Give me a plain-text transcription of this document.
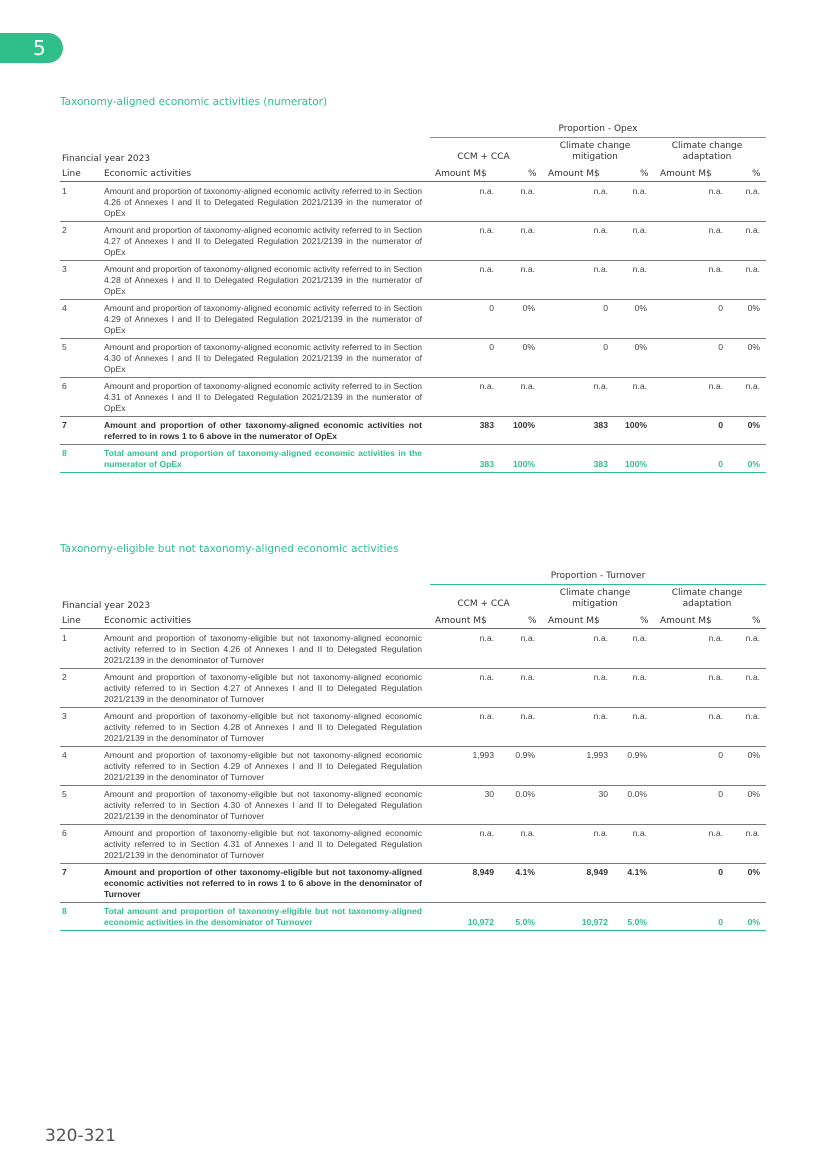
5
Taxonomy-aligned economic activities (numerator)
Proportion - Opex
CCM + CCA
Climate change mitigation
Climate change adaptation
Financial year 2023
Line	Economic activities	Amount M$	% Amount M$	% Amount M$	%
1	Amount and proportion of taxonomy-aligned economic activity referred to in Section 4.26 of Annexes I and II to Delegated Regulation 2021/2139 in the numerator of OpEx	n.a.	n.a.	n.a.	n.a.	n.a.	n.a.
2	Amount and proportion of taxonomy-aligned economic activity referred to in Section 4.27 of Annexes I and II to Delegated Regulation 2021/2139 in the numerator of OpEx	n.a.	n.a.	n.a.	n.a.	n.a.	n.a.
3	Amount and proportion of taxonomy-aligned economic activity referred to in Section 4.28 of Annexes I and II to Delegated Regulation 2021/2139 in the numerator of OpEx	n.a.	n.a.	n.a.	n.a.	n.a.	n.a.
4	Amount and proportion of taxonomy-aligned economic activity referred to in Section 4.29 of Annexes I and II to Delegated Regulation 2021/2139 in the numerator of OpEx	0	0%	0	0%	0	0%
5	Amount and proportion of taxonomy-aligned economic activity referred to in Section 4.30 of Annexes I and II to Delegated Regulation 2021/2139 in the numerator of OpEx	0	0%	0	0%	0	0%
6	Amount and proportion of taxonomy-aligned economic activity referred to in Section 4.31 of Annexes I and II to Delegated Regulation 2021/2139 in the numerator of OpEx	n.a.	n.a.	n.a.	n.a.	n.a.	n.a.
7	Amount and proportion of other taxonomy-aligned economic activities not referred to in rows 1 to 6 above in the numerator of OpEx	383	100%	383	100%	0	0%
8	Total amount and proportion of taxonomy-aligned economic activities in the numerator of OpEx	383	100%	383	100%	0	0%
Taxonomy-eligible but not taxonomy-aligned economic activities
Proportion - Turnover
CCM + CCA
Climate change mitigation
Climate change adaptation
Financial year 2023
Line	Economic activities	Amount M$	% Amount M$	% Amount M$	%
1	Amount and proportion of taxonomy-eligible but not taxonomy-aligned economic activity referred to in Section 4.26 of Annexes I and II to Delegated Regulation 2021/2139 in the denominator of Turnover	n.a.	n.a.	n.a.	n.a.	n.a.	n.a.
2	Amount and proportion of taxonomy-eligible but not taxonomy-aligned economic activity referred to in Section 4.27 of Annexes I and II to Delegated Regulation 2021/2139 in the denominator of Turnover	n.a.	n.a.	n.a.	n.a.	n.a.	n.a.
3	Amount and proportion of taxonomy-eligible but not taxonomy-aligned economic activity referred to in Section 4.28 of Annexes I and II to Delegated Regulation 2021/2139 in the denominator of Turnover	n.a.	n.a.	n.a.	n.a.	n.a.	n.a.
4	Amount and proportion of taxonomy-eligible but not taxonomy-aligned economic activity referred to in Section 4.29 of Annexes I and II to Delegated Regulation 2021/2139 in the denominator of Turnover	1,993	0.9%	1,993	0.9%	0	0%
5	Amount and proportion of taxonomy-eligible but not taxonomy-aligned economic activity referred to in Section 4.30 of Annexes I and II to Delegated Regulation 2021/2139 in the denominator of Turnover	30	0.0%	30	0.0%	0	0%
6	Amount and proportion of taxonomy-eligible but not taxonomy-aligned economic activity referred to in Section 4.31 of Annexes I and II to Delegated Regulation 2021/2139 in the denominator of Turnover	n.a.	n.a.	n.a.	n.a.	n.a.	n.a.
7	Amount and proportion of other taxonomy-eligible but not taxonomy-aligned economic activities not referred to in rows 1 to 6 above in the denominator of Turnover	8,949	4.1%	8,949	4.1%	0	0%
8	Total amount and proportion of taxonomy-eligible but not taxonomy-aligned economic activities in the denominator of Turnover	10,972	5.0%	10,972	5.0%	0	0%
320-321
